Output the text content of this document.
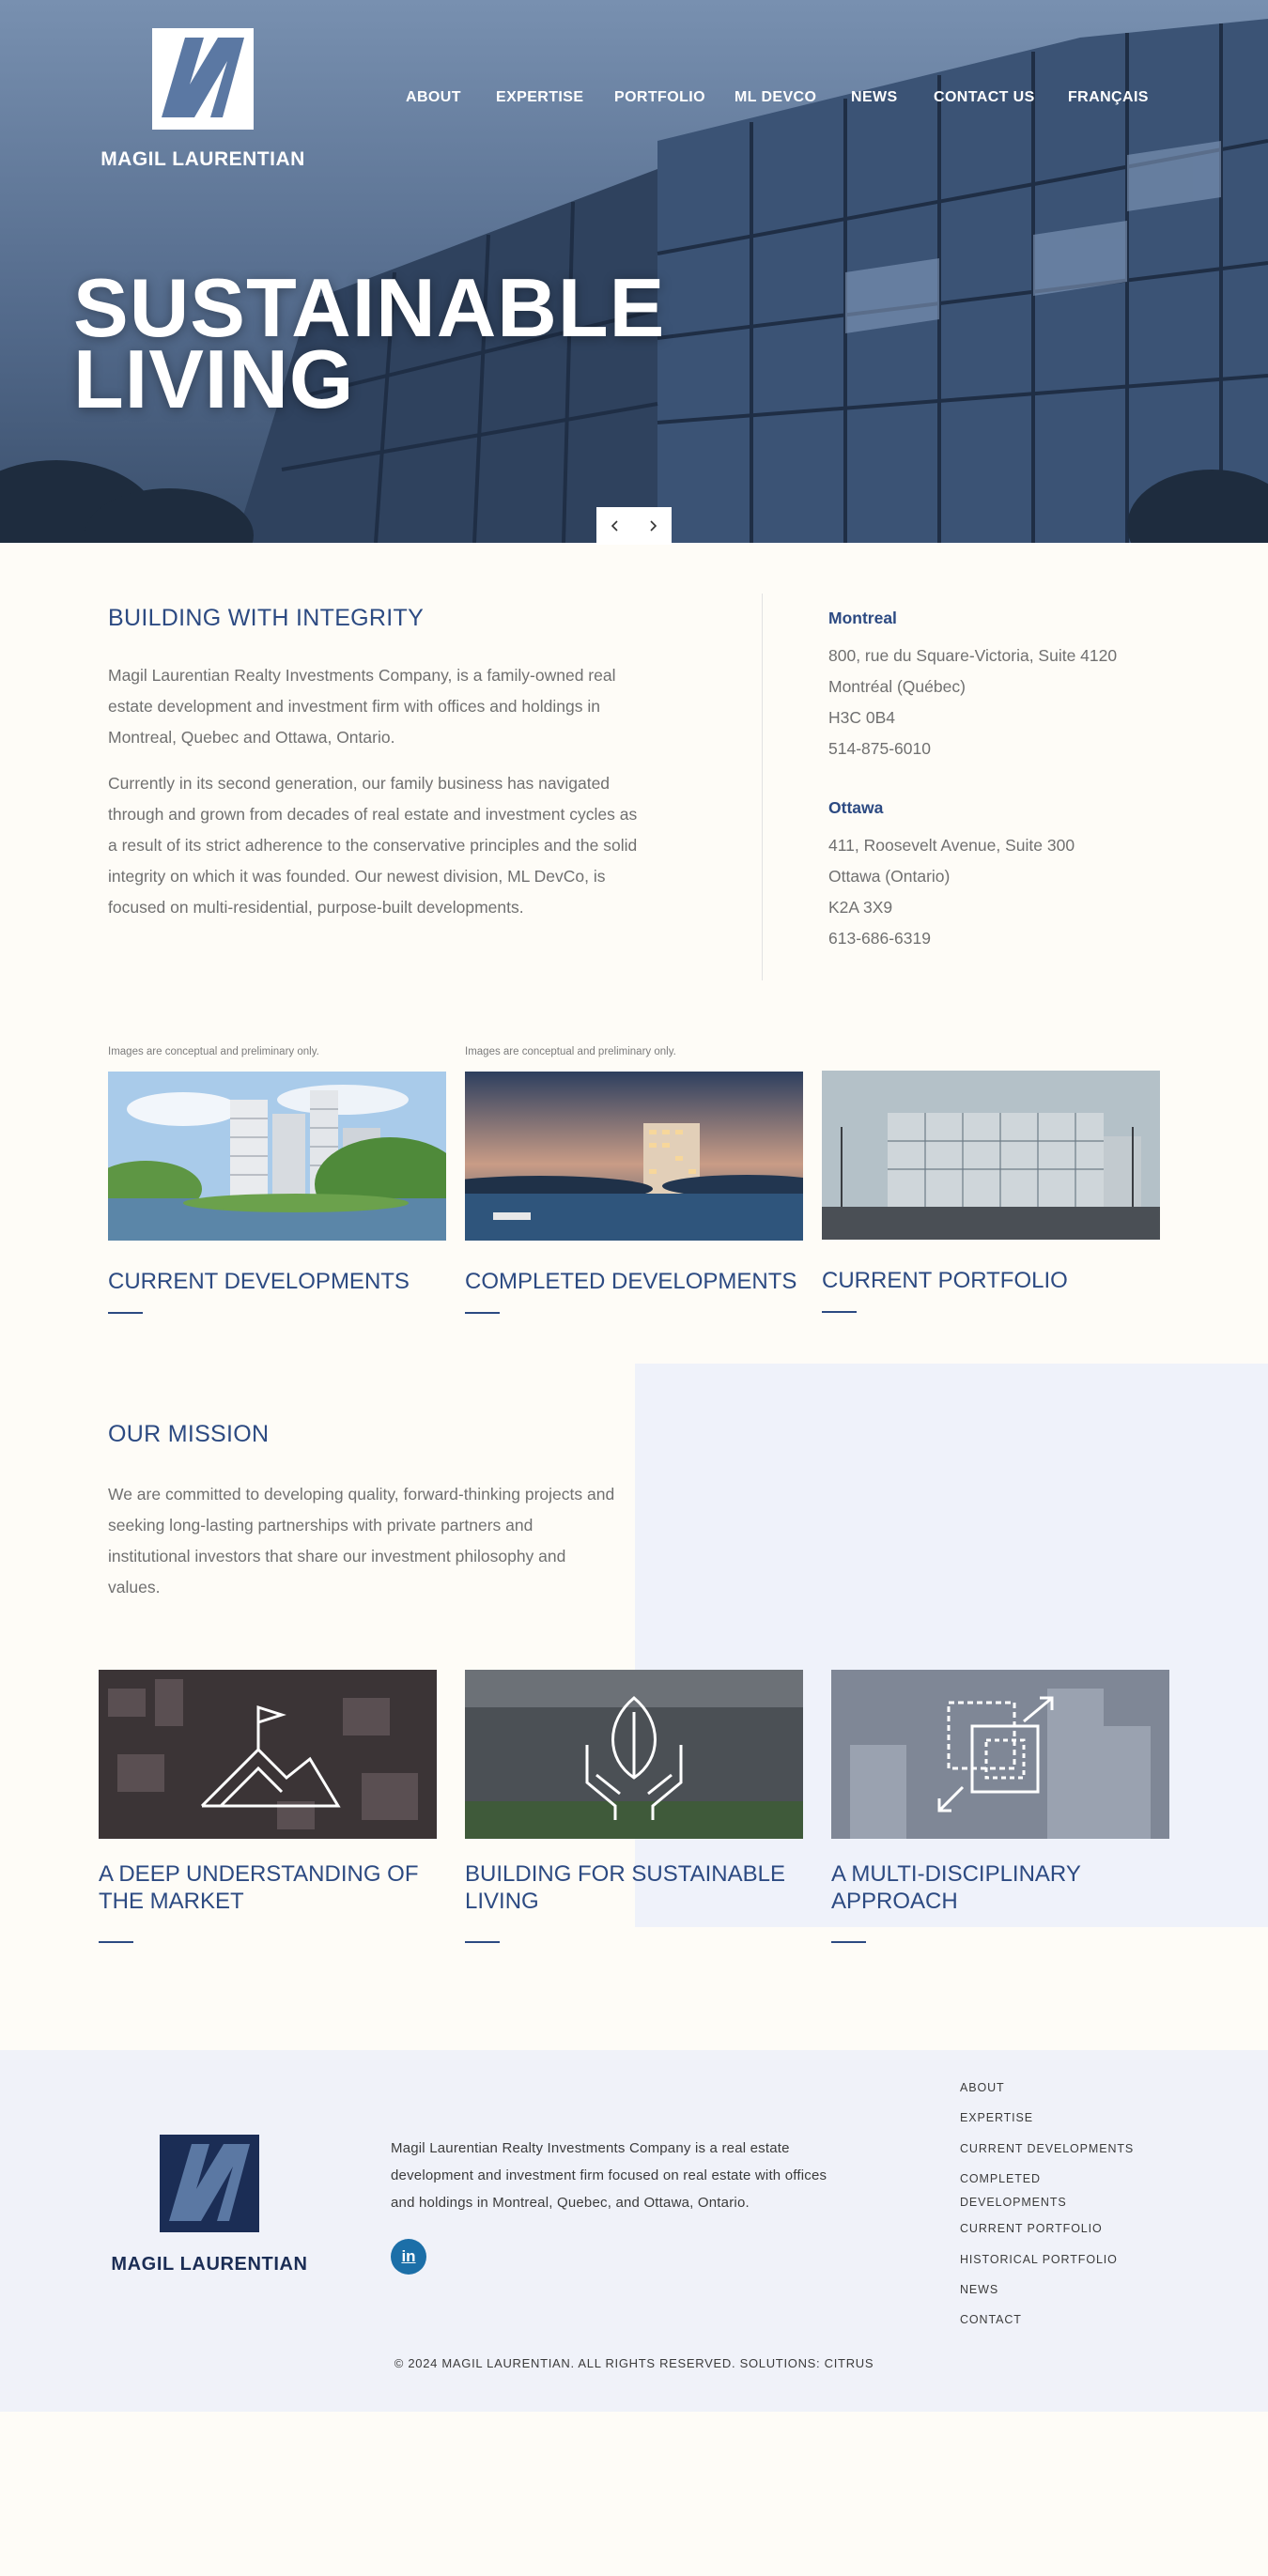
MAGIL LAURENTIAN
ABOUT EXPERTISE PORTFOLIO ML DEVCO NEWS CONTACT US FRANÇAIS
SUSTAINABLE
LIVING
BUILDING WITH INTEGRITY

Magil Laurentian Realty Investments Company, is a family-owned real estate development and investment firm with offices and holdings in Montreal, Quebec and Ottawa, Ontario.

Currently in its second generation, our family business has navigated through and grown from decades of real estate and investment cycles as a result of its strict adherence to the conservative principles and the solid integrity on which it was founded. Our newest division, ML DevCo, is focused on multi-residential, purpose-built developments.

Montreal
800, rue du Square-Victoria, Suite 4120
Montréal (Québec)
H3C 0B4
514-875-6010
Ottawa
411, Roosevelt Avenue, Suite 300
Ottawa (Ontario)
K2A 3X9
613-686-6319
Images are conceptual and preliminary only.	Images are conceptual and preliminary only.
CURRENT DEVELOPMENTS COMPLETED DEVELOPMENTS CURRENT PORTFOLIO
OUR MISSION

We are committed to developing quality, forward-thinking projects and seeking long-lasting partnerships with private partners and institutional investors that share our investment philosophy and values.

A DEEP UNDERSTANDING OF THE MARKET
BUILDING FOR SUSTAINABLE LIVING
A MULTI-DISCIPLINARY APPROACH
MAGIL LAURENTIAN

Magil Laurentian Realty Investments Company is a real estate development and investment firm focused on real estate with offices and holdings in Montreal, Quebec, and Ottawa, Ontario.

in
ABOUT
EXPERTISE
CURRENT DEVELOPMENTS
COMPLETED
DEVELOPMENTS
CURRENT PORTFOLIO
HISTORICAL PORTFOLIO
NEWS
CONTACT
© 2024 MAGIL LAURENTIAN. ALL RIGHTS RESERVED. SOLUTIONS: CITRUS
